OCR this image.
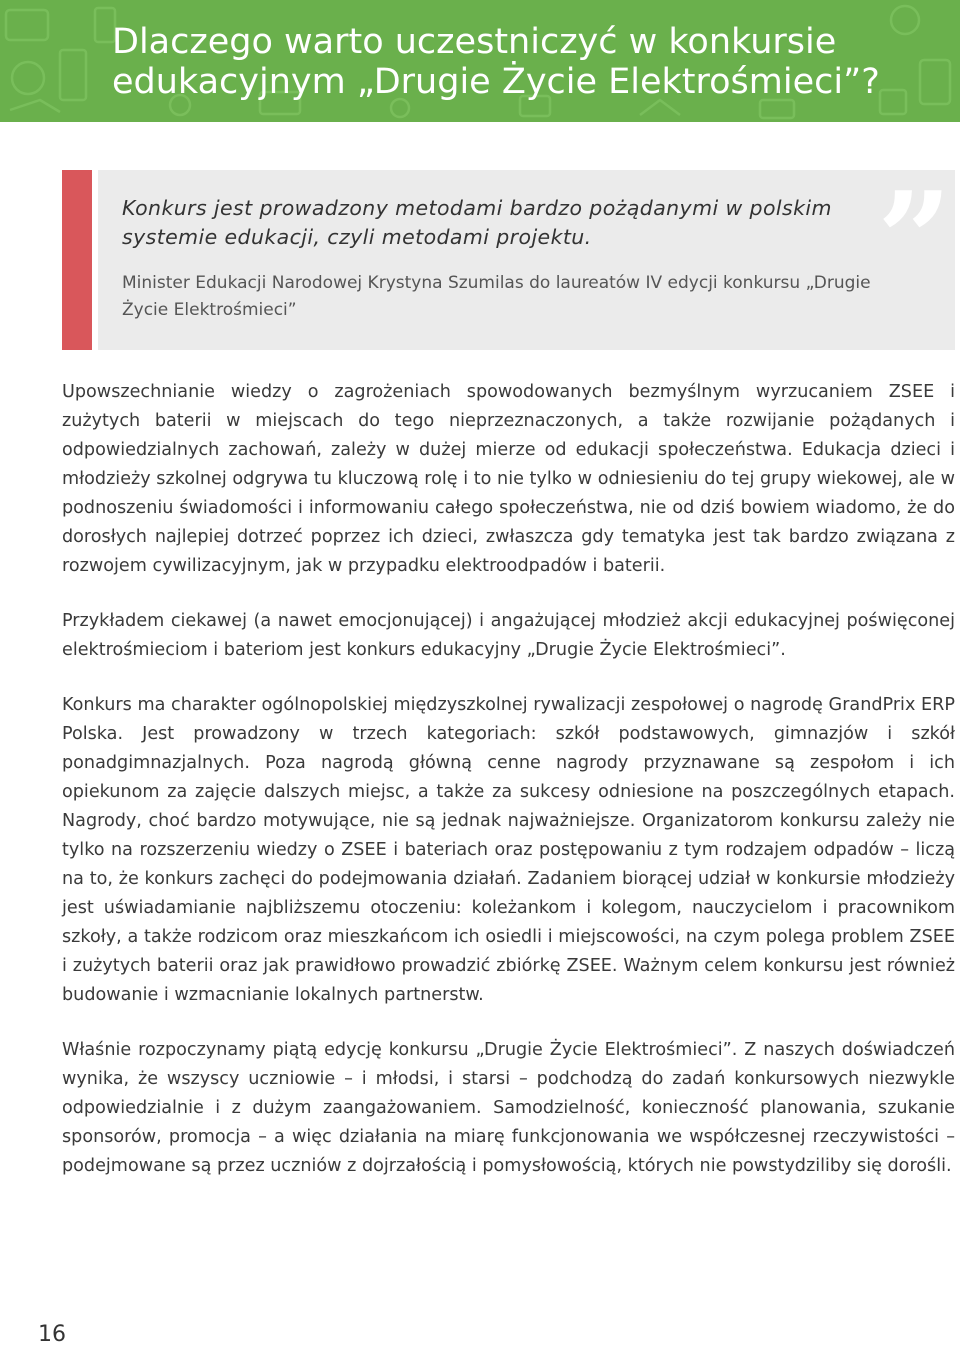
Dlaczego warto uczestniczyć w konkursie edukacyjnym „Drugie Życie Elektrośmieci”?

Konkurs jest prowadzony metodami bardzo pożądanymi w polskim systemie edukacji, czyli metodami projektu.

Minister Edukacji Narodowej Krystyna Szumilas do laureatów IV edycji konkursu „Drugie Życie Elektrośmieci”	”

Upowszechnianie wiedzy o zagrożeniach spowodowanych bezmyślnym wyrzucaniem ZSEE i zużytych baterii w miejscach do tego nieprzeznaczonych, a także rozwijanie pożądanych i odpowiedzialnych zachowań, zależy w dużej mierze od edukacji społeczeństwa. Edukacja dzieci i młodzieży szkolnej odgrywa tu kluczową rolę i to nie tylko w odniesieniu do tej grupy wiekowej, ale w podnoszeniu świadomości i informowaniu całego społeczeństwa, nie od dziś bowiem wiadomo, że do dorosłych najlepiej dotrzeć poprzez ich dzieci, zwłaszcza gdy tematyka jest tak bardzo związana z rozwojem cywilizacyjnym, jak w przypadku elektroodpadów i baterii.

Przykładem ciekawej (a nawet emocjonującej) i angażującej młodzież akcji edukacyjnej poświęconej elektrośmieciom i bateriom jest konkurs edukacyjny „Drugie Życie Elektrośmieci”.

Konkurs ma charakter ogólnopolskiej międzyszkolnej rywalizacji zespołowej o nagrodę GrandPrix ERP Polska. Jest prowadzony w trzech kategoriach: szkół podstawowych, gimnazjów i szkół ponadgimnazjalnych. Poza nagrodą główną cenne nagrody przyznawane są zespołom i ich opiekunom za zajęcie dalszych miejsc, a także za sukcesy odniesione na poszczególnych etapach. Nagrody, choć bardzo motywujące, nie są jednak najważniejsze. Organizatorom konkursu zależy nie tylko na rozszerzeniu wiedzy o ZSEE i bateriach oraz postępowaniu z tym rodzajem odpadów – liczą na to, że konkurs zachęci do podejmowania działań. Zadaniem biorącej udział w konkursie młodzieży jest uświadamianie najbliższemu otoczeniu: koleżankom i kolegom, nauczycielom i pracownikom szkoły, a także rodzicom oraz mieszkańcom ich osiedli i miejscowości, na czym polega problem ZSEE i zużytych baterii oraz jak prawidłowo prowadzić zbiórkę ZSEE. Ważnym celem konkursu jest również budowanie i wzmacnianie lokalnych partnerstw.

Właśnie rozpoczynamy piątą edycję konkursu „Drugie Życie Elektrośmieci”. Z naszych doświadczeń wynika, że wszyscy uczniowie – i młodsi, i starsi – podchodzą do zadań konkursowych niezwykle odpowiedzialnie i z dużym zaangażowaniem. Samodzielność, konieczność planowania, szukanie sponsorów, promocja – a więc działania na miarę funkcjonowania we współczesnej rzeczywistości – podejmowane są przez uczniów z dojrzałością i pomysłowością, których nie powstydziliby się dorośli.

16
